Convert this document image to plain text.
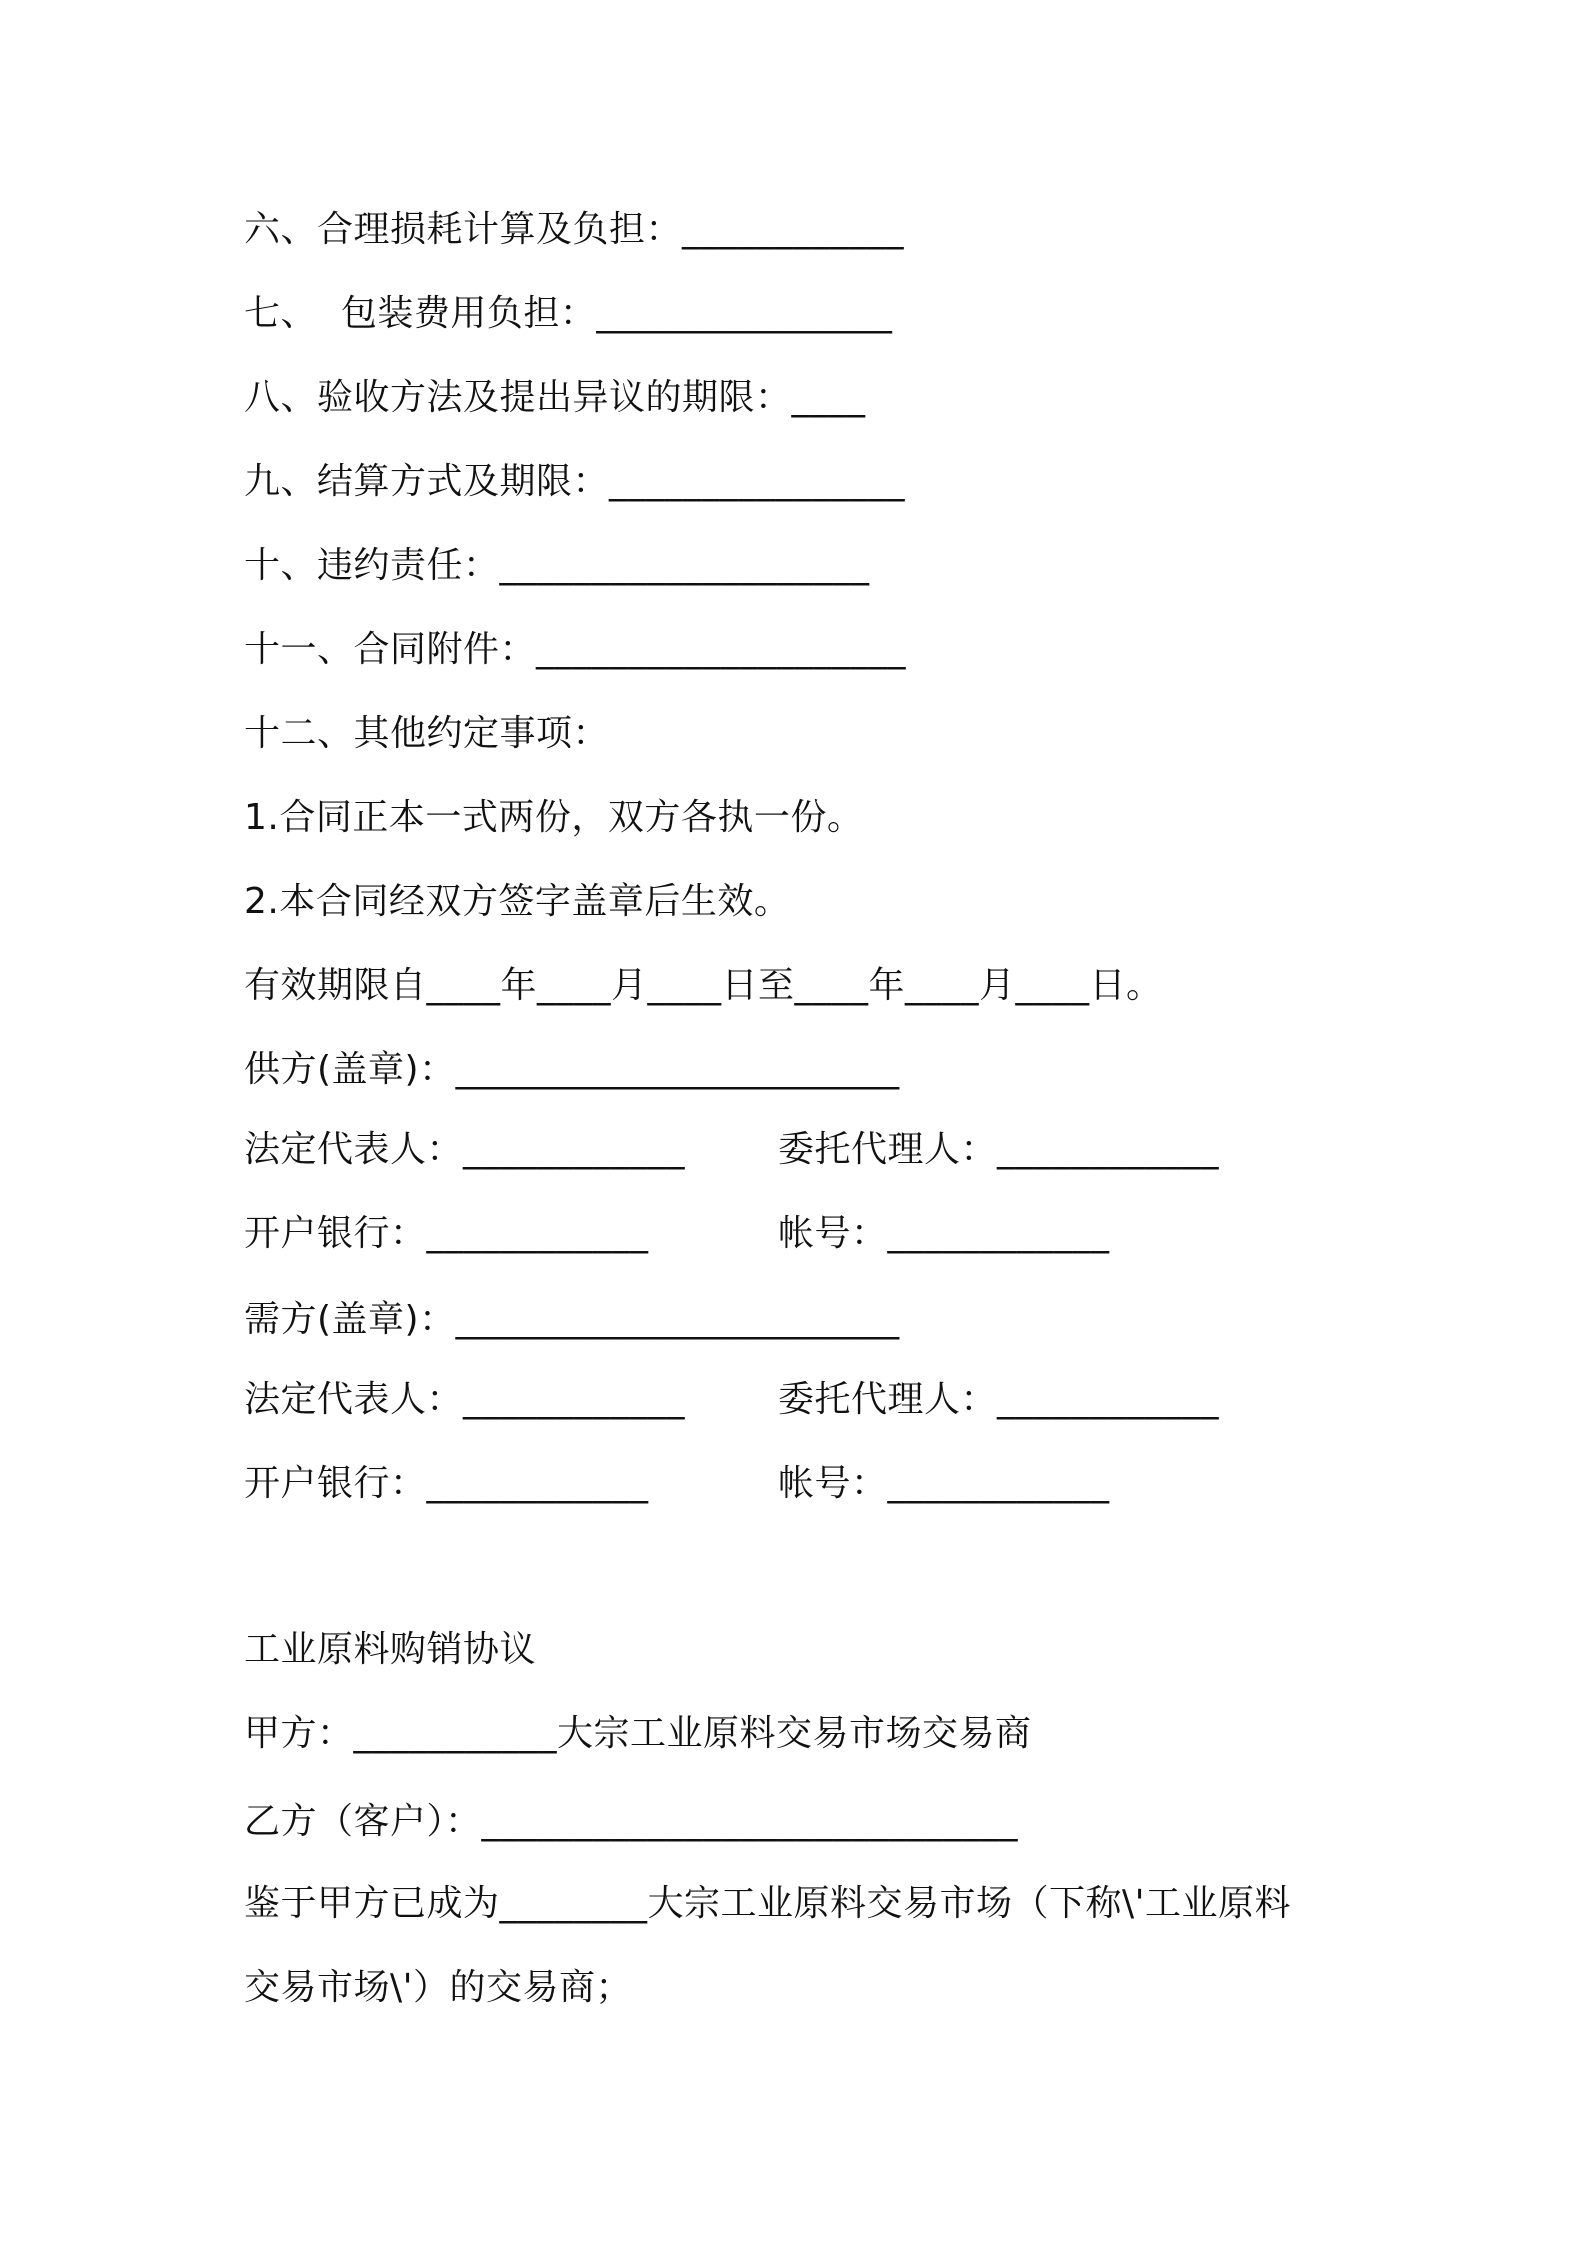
六、合理损耗计算及负担：____________
七、  包装费用负担：________________
八、验收方法及提出异议的期限：____
九、结算方式及期限：________________
十、违约责任：____________________
十一、合同附件：____________________
十二、其他约定事项：
1.合同正本一式两份，双方各执一份。
2.本合同经双方签字盖章后生效。
有效期限自____年____月____日至____年____月____日。
供方(盖章)：________________________
法定代表人：____________	委托代理人：____________
开户银行：____________	帐号：____________
需方(盖章)：________________________
法定代表人：____________	委托代理人：____________
开户银行：____________	帐号：____________
工业原料购销协议
甲方：___________大宗工业原料交易市场交易商
乙方（客户）：_____________________________
鉴于甲方已成为________大宗工业原料交易市场（下称\'工业原料
交易市场\'）的交易商；
